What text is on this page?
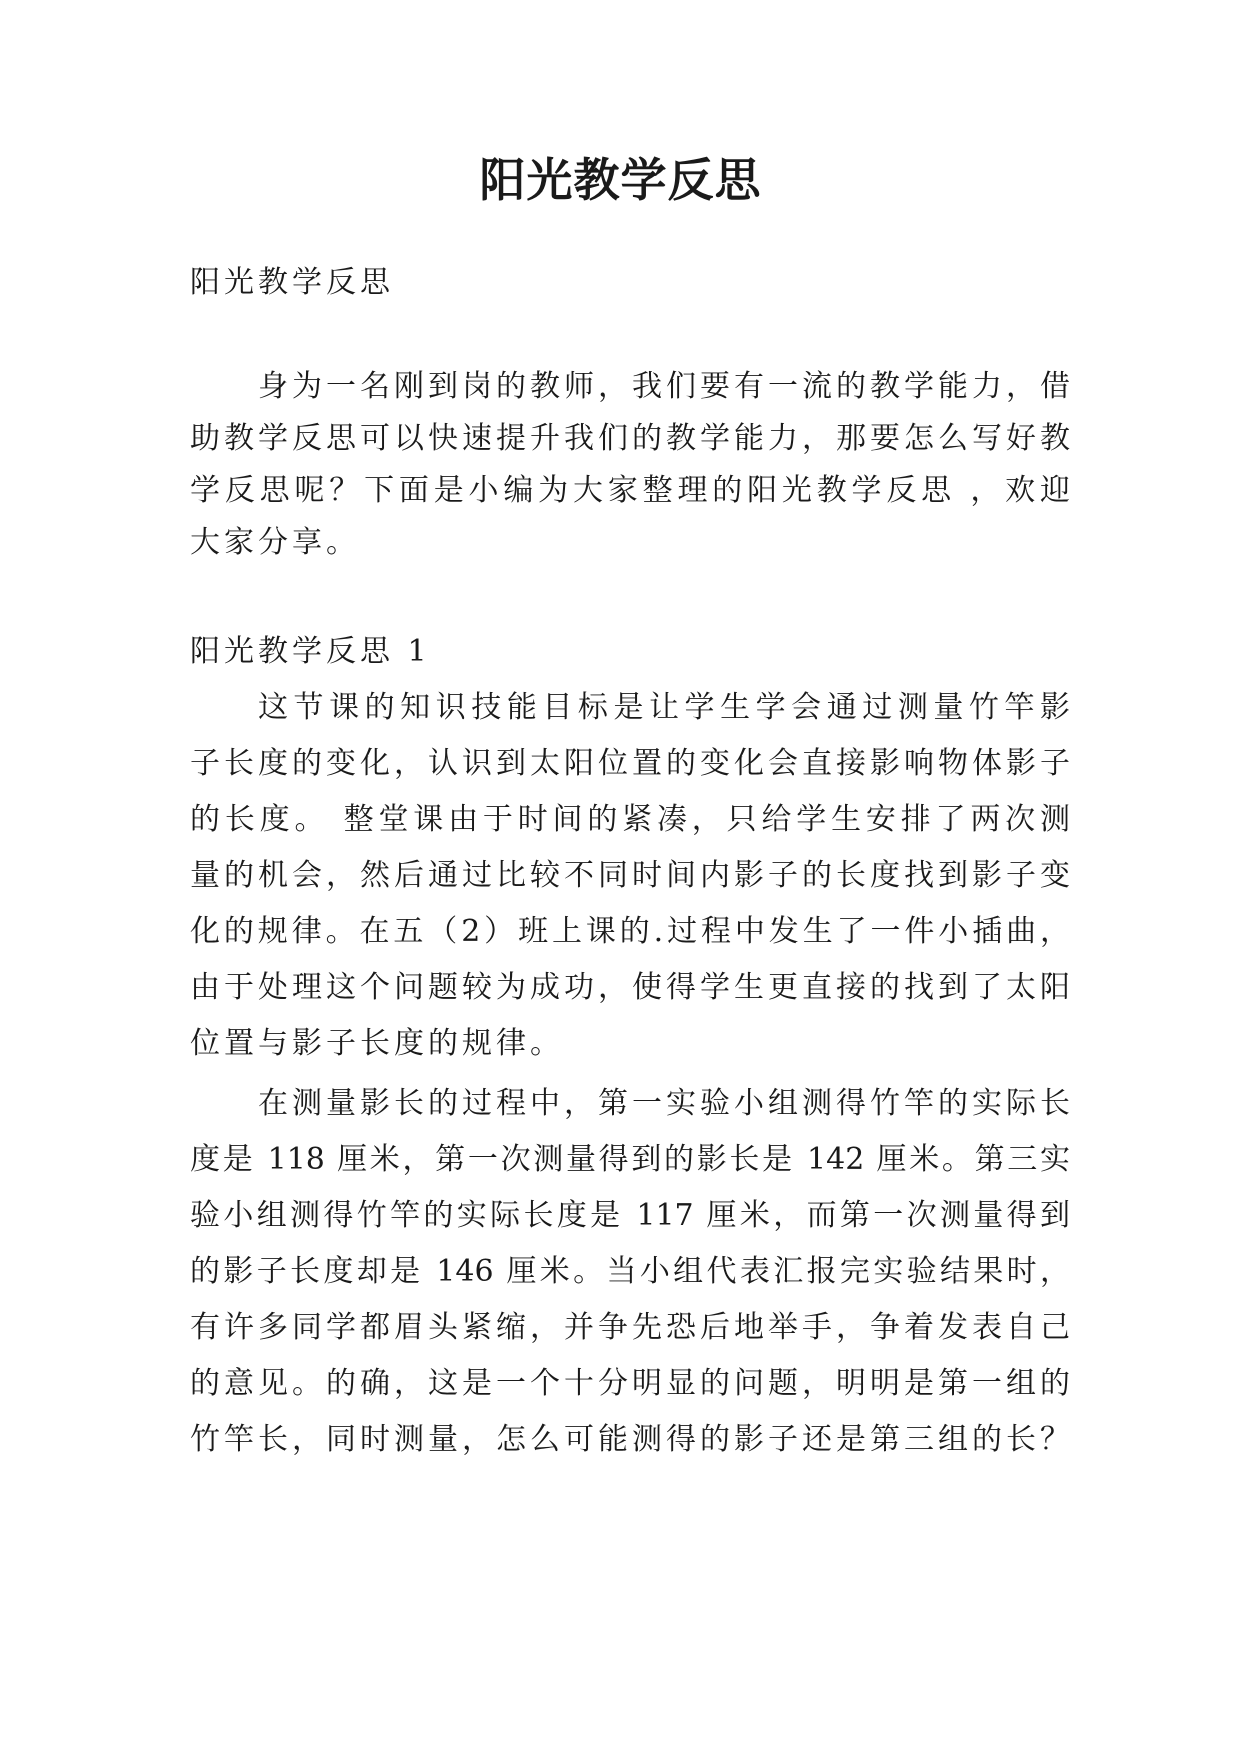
阳光教学反思
阳光教学反思
身为一名刚到岗的教师，我们要有一流的教学能力，借
助教学反思可以快速提升我们的教学能力，那要怎么写好教
学反思呢？下面是小编为大家整理的阳光教学反思 ，欢迎
大家分享。
阳光教学反思 1
这节课的知识技能目标是让学生学会通过测量竹竿影
子长度的变化，认识到太阳位置的变化会直接影响物体影子
的长度。 整堂课由于时间的紧凑，只给学生安排了两次测
量的机会，然后通过比较不同时间内影子的长度找到影子变
化的规律。在五（2）班上课的.过程中发生了一件小插曲，
由于处理这个问题较为成功，使得学生更直接的找到了太阳
位置与影子长度的规律。
在测量影长的过程中，第一实验小组测得竹竿的实际长
度是 118 厘米，第一次测量得到的影长是 142 厘米。第三实
验小组测得竹竿的实际长度是 117 厘米，而第一次测量得到
的影子长度却是 146 厘米。当小组代表汇报完实验结果时，
有许多同学都眉头紧缩，并争先恐后地举手，争着发表自己
的意见。的确，这是一个十分明显的问题，明明是第一组的
竹竿长，同时测量，怎么可能测得的影子还是第三组的长？
